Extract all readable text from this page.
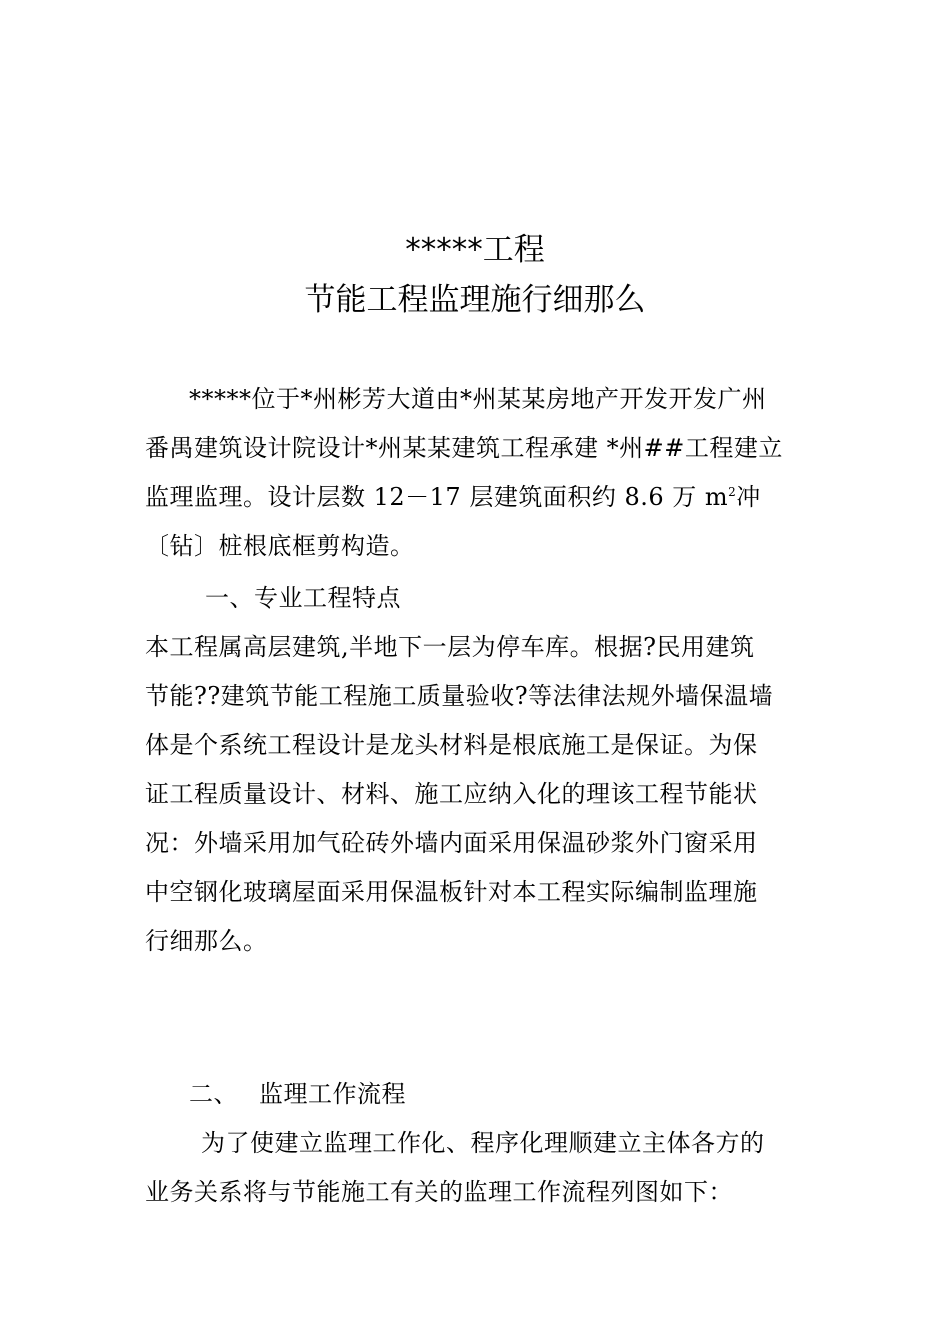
*****工程
节能工程监理施行细那么
*****位于*州彬芳大道由*州某某房地产开发开发广州
番禺建筑设计院设计*州某某建筑工程承建 *州##工程建立
监理监理。设计层数 12－17 层建筑面积约 8.6 万 $m^2$冲
〔钻〕桩根底框剪构造。
一、专业工程特点
本工程属高层建筑,半地下一层为停车库。根据?民用建筑
节能??建筑节能工程施工质量验收?等法律法规外墙保温墙
体是个系统工程设计是龙头材料是根底施工是保证。为保
证工程质量设计、材料、施工应纳入化的理该工程节能状
况：外墙采用加气砼砖外墙内面采用保温砂浆外门窗采用
中空钢化玻璃屋面采用保温板针对本工程实际编制监理施
行细那么。
二、 监理工作流程
为了使建立监理工作化、程序化理顺建立主体各方的
业务关系将与节能施工有关的监理工作流程列图如下：
